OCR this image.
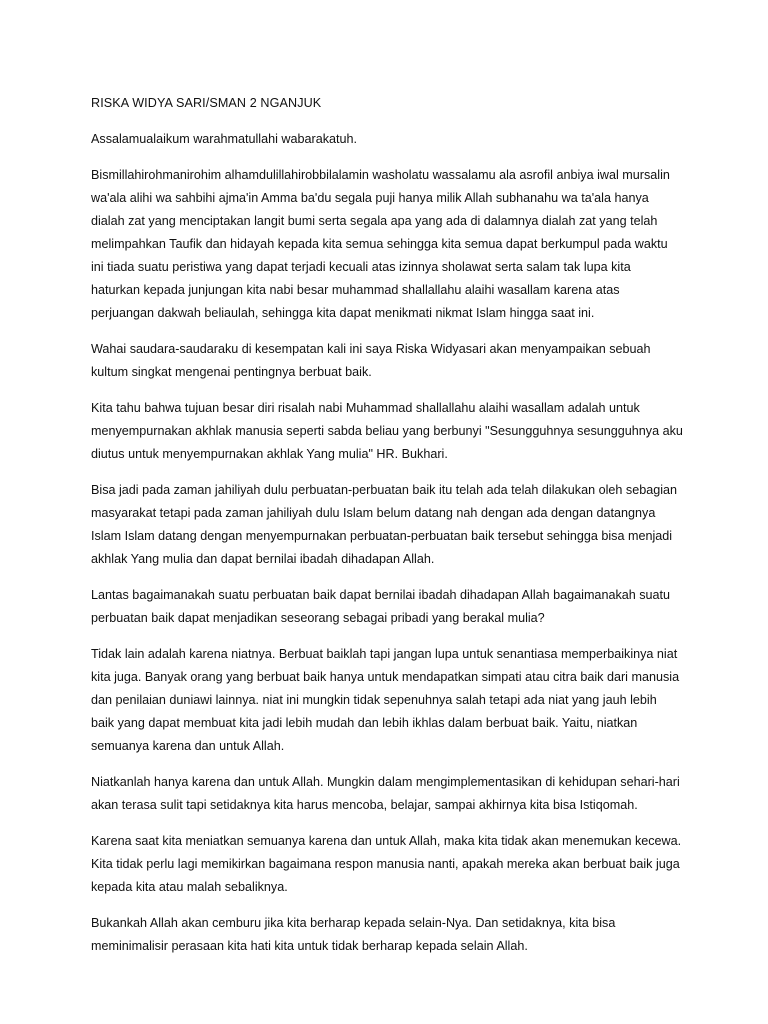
RISKA WIDYA SARI/SMAN 2 NGANJUK

Assalamualaikum warahmatullahi wabarakatuh.

Bismillahirohmanirohim alhamdulillahirobbilalamin washolatu wassalamu ala asrofil anbiya iwal mursalin wa'ala alihi wa sahbihi ajma'in Amma ba'du segala puji hanya milik Allah subhanahu wa ta'ala hanya dialah zat yang menciptakan langit bumi serta segala apa yang ada di dalamnya dialah zat yang telah melimpahkan Taufik dan hidayah kepada kita semua sehingga kita semua dapat berkumpul pada waktu ini tiada suatu peristiwa yang dapat terjadi kecuali atas izinnya sholawat serta salam tak lupa kita haturkan kepada junjungan kita nabi besar muhammad shallallahu alaihi wasallam karena atas perjuangan dakwah beliaulah, sehingga kita dapat menikmati nikmat Islam hingga saat ini.

Wahai saudara-saudaraku di kesempatan kali ini saya Riska Widyasari akan menyampaikan sebuah kultum singkat mengenai pentingnya berbuat baik.

Kita tahu bahwa tujuan besar diri risalah nabi Muhammad shallallahu alaihi wasallam adalah untuk menyempurnakan akhlak manusia seperti sabda beliau yang berbunyi "Sesungguhnya sesungguhnya aku diutus untuk menyempurnakan akhlak Yang mulia" HR. Bukhari.

Bisa jadi pada zaman jahiliyah dulu perbuatan-perbuatan baik itu telah ada telah dilakukan oleh sebagian masyarakat tetapi pada zaman jahiliyah dulu Islam belum datang nah dengan ada dengan datangnya Islam Islam datang dengan menyempurnakan perbuatan-perbuatan baik tersebut sehingga bisa menjadi akhlak Yang mulia dan dapat bernilai ibadah dihadapan Allah.

Lantas bagaimanakah suatu perbuatan baik dapat bernilai ibadah dihadapan Allah bagaimanakah suatu perbuatan baik dapat menjadikan seseorang sebagai pribadi yang berakal mulia?

Tidak lain adalah karena niatnya. Berbuat baiklah tapi jangan lupa untuk senantiasa memperbaikinya niat kita juga. Banyak orang yang berbuat baik hanya untuk mendapatkan simpati atau citra baik dari manusia dan penilaian duniawi lainnya. niat ini mungkin tidak sepenuhnya salah tetapi ada niat yang jauh lebih baik yang dapat membuat kita jadi lebih mudah dan lebih ikhlas dalam berbuat baik. Yaitu, niatkan semuanya karena dan untuk Allah.

Niatkanlah hanya karena dan untuk Allah. Mungkin dalam mengimplementasikan di kehidupan sehari-hari akan terasa sulit tapi setidaknya kita harus mencoba, belajar, sampai akhirnya kita bisa Istiqomah.

Karena saat kita meniatkan semuanya karena dan untuk Allah, maka kita tidak akan menemukan kecewa. Kita tidak perlu lagi memikirkan bagaimana respon manusia nanti, apakah mereka akan berbuat baik juga kepada kita atau malah sebaliknya.

Bukankah Allah akan cemburu jika kita berharap kepada selain-Nya. Dan setidaknya, kita bisa meminimalisir perasaan kita hati kita untuk tidak berharap kepada selain Allah.
